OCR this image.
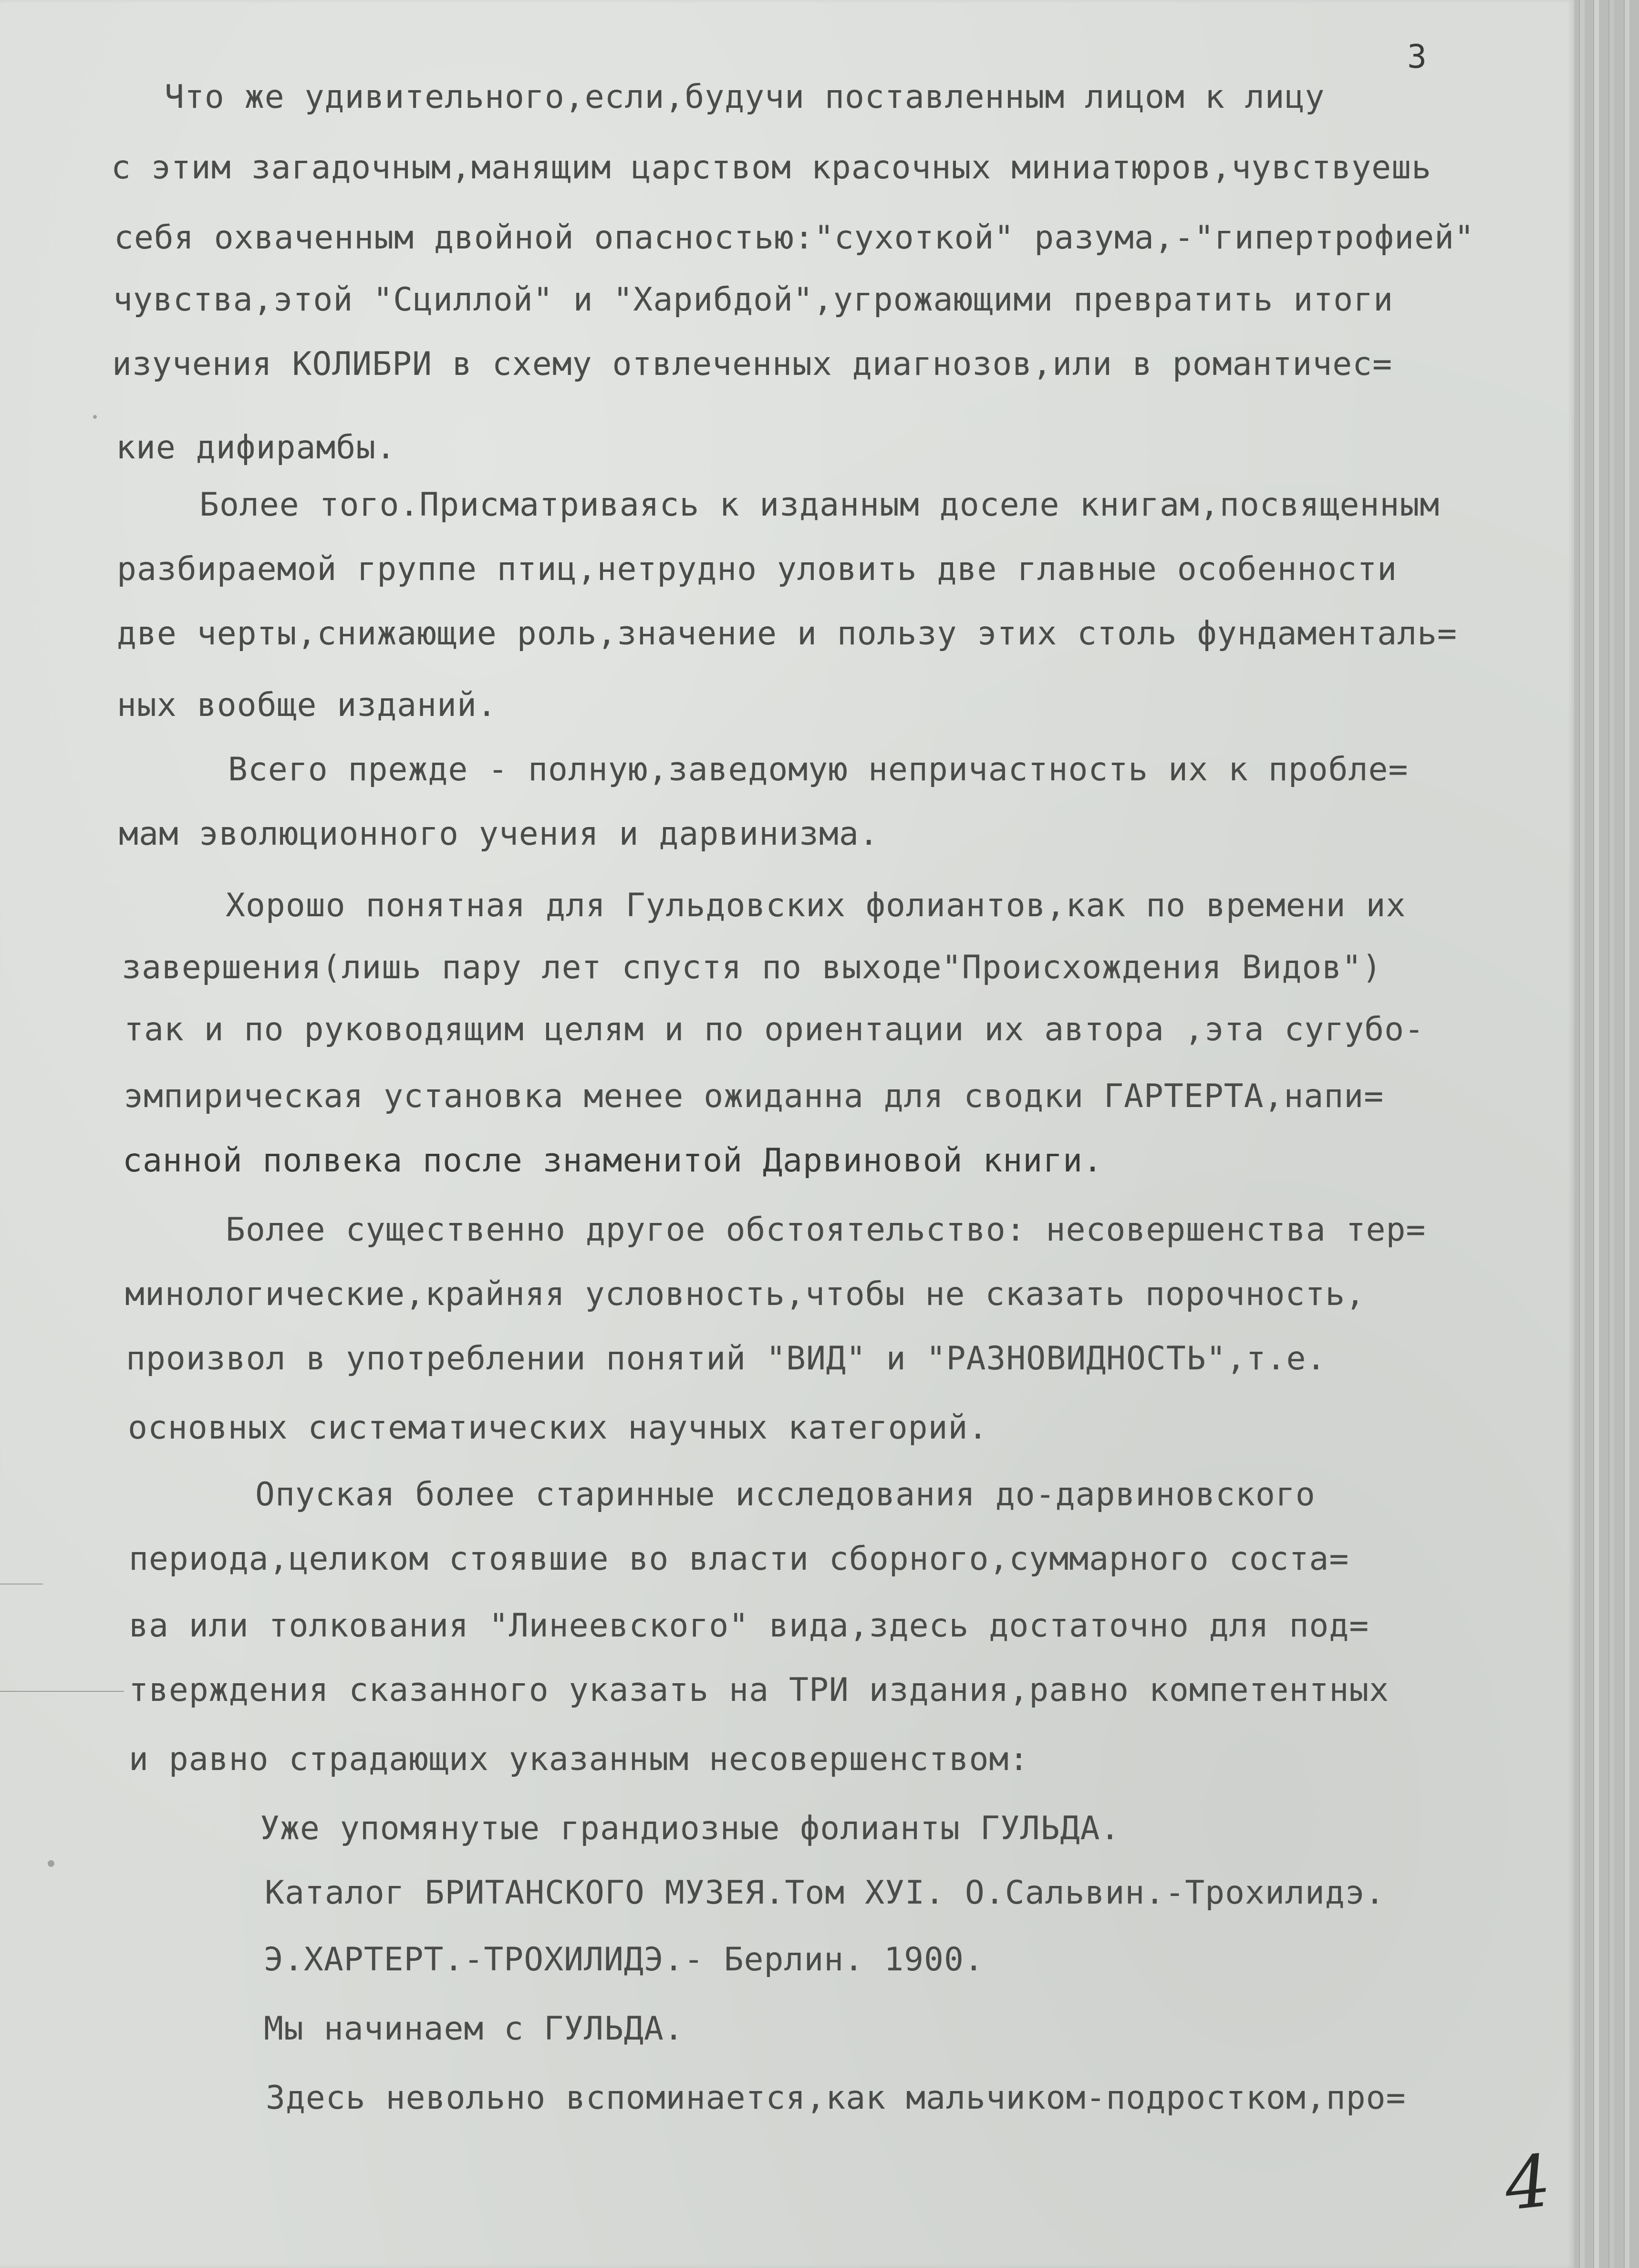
3
Что же удивительного,если,будучи поставленным лицом к лицу
с этим загадочным,манящим царством красочных миниатюров,чувствуешь
себя охваченным двойной опасностью:"сухоткой" разума,-"гипертрофией"
чувства,этой "Сциллой" и "Харибдой",угрожающими превратить итоги
изучения КОЛИБРИ в схему отвлеченных диагнозов,или в романтичес=
кие дифирамбы.
Более того.Присматриваясь к изданным доселе книгам,посвященным
разбираемой группе птиц,нетрудно уловить две главные особенности
две черты,снижающие роль,значение и пользу этих столь фундаменталь=
ных вообще изданий.
Всего прежде - полную,заведомую непричастность их к пробле=
мам эволюционного учения и дарвинизма.
Хорошо понятная для Гульдовских фолиантов,как по времени их
завершения(лишь пару лет спустя по выходе"Происхождения Видов")
так и по руководящим целям и по ориентации их автора ,эта сугубо-
эмпирическая установка менее ожиданна для сводки ГАРТЕРТА,напи=
санной полвека после знаменитой Дарвиновой книги.
Более существенно другое обстоятельство: несовершенства тер=
минологические,крайняя условность,чтобы не сказать порочность,
произвол в употреблении понятий "ВИД" и "РАЗНОВИДНОСТЬ",т.е.
основных систематических научных категорий.
Опуская более старинные исследования до-дарвиновского
периода,целиком стоявшие во власти сборного,суммарного соста=
ва или толкования "Линеевского" вида,здесь достаточно для под=
тверждения сказанного указать на ТРИ издания,равно компетентных
и равно страдающих указанным несовершенством:
Уже упомянутые грандиозные фолианты ГУЛЬДА.
Каталог БРИТАНСКОГО МУЗЕЯ.Том ХУI. О.Сальвин.-Трохилидэ.
Э.ХАРТЕРТ.-ТРОХИЛИДЭ.- Берлин. 1900.
Мы начинаем с ГУЛЬДА.
Здесь невольно вспоминается,как мальчиком-подростком,про=
4
